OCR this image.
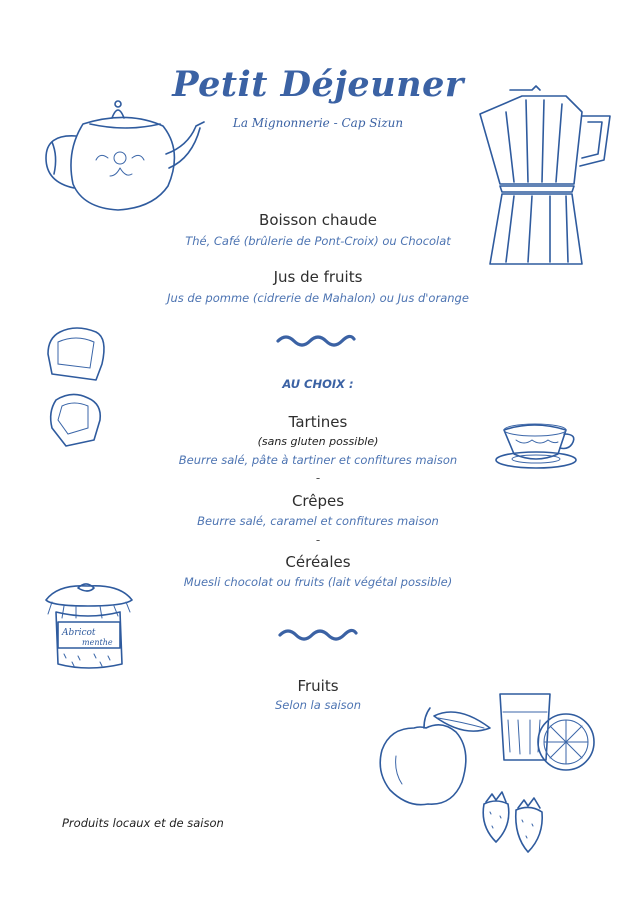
Petit Déjeuner
La Mignonnerie - Cap Sizun
Boisson chaude
Thé, Café (brûlerie de Pont-Croix) ou Chocolat
Jus de fruits
Jus de pomme (cidrerie de Mahalon) ou Jus d'orange
AU CHOIX :
Tartines
(sans gluten possible)
Beurre salé, pâte à tartiner et confitures maison
-
Crêpes
Beurre salé, caramel et confitures maison
-
Céréales
Muesli chocolat ou fruits (lait végétal possible)
Abricot
menthe
Fruits
Selon la saison
Produits locaux et de saison
